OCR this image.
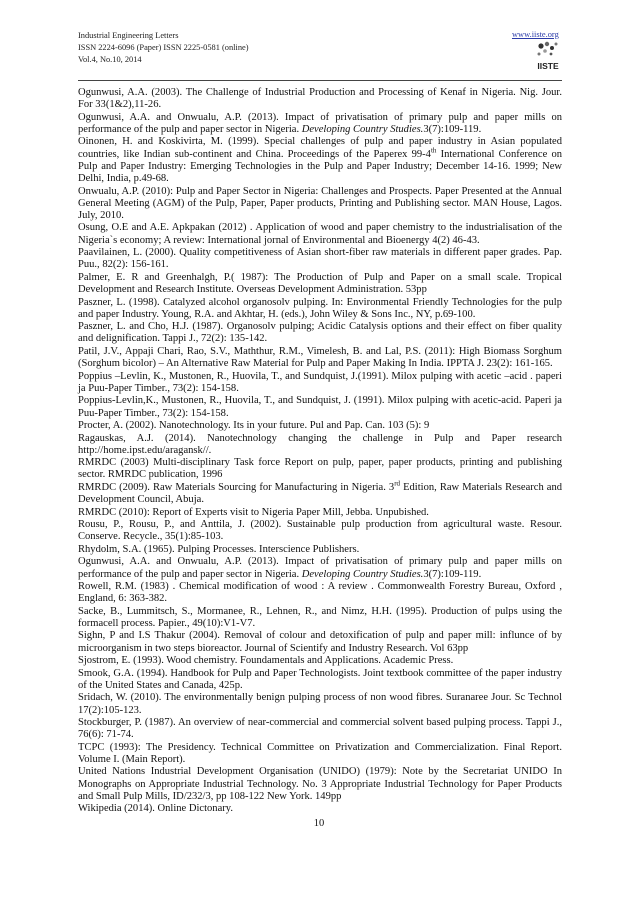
Industrial Engineering Letters
ISSN 2224-6096 (Paper) ISSN 2225-0581 (online)
Vol.4, No.10, 2014
www.iiste.org
IISTE
Ogunwusi, A.A. (2003). The Challenge of Industrial Production and Processing of Kenaf in Nigeria. Nig. Jour. For 33(1&2),11-26.
Ogunwusi, A.A. and Onwualu, A.P. (2013). Impact of privatisation of primary pulp and paper mills on performance of the pulp and paper sector in Nigeria. Developing Country Studies.3(7):109-119.
Oinonen, H. and Koskivirta, M. (1999). Special challenges of pulp and paper industry in Asian populated countries, like Indian sub-continent and China. Proceedings of the Paperex 99-4th International Conference on Pulp and Paper Industry: Emerging Technologies in the Pulp and Paper Industry; December 14-16. 1999; New Delhi, India, p.49-68.
Onwualu, A.P. (2010): Pulp and Paper Sector in Nigeria: Challenges and Prospects. Paper Presented at the Annual General Meeting (AGM) of the Pulp, Paper, Paper products, Printing and Publishing sector. MAN House, Lagos. July, 2010.
Osung, O.E and A.E. Apkpakan (2012) . Application of wood and paper chemistry to the industrialisation of the Nigeria`s economy; A review: International jornal of Environmental and Bioenergy 4(2) 46-43.
Paavilainen, L. (2000). Quality competitiveness of Asian short-fiber raw materials in different paper grades. Pap. Puu., 82(2): 156-161.
Palmer, E. R and Greenhalgh, P.( 1987): The Production of Pulp and Paper on a small scale. Tropical Development and Research Institute. Overseas Development Administration. 53pp
Paszner, L. (1998). Catalyzed alcohol organosolv pulping. In: Environmental Friendly Technologies for the pulp and paper Industry. Young, R.A. and Akhtar, H. (eds.), John Wiley & Sons Inc., NY, p.69-100.
Paszner, L. and Cho, H.J. (1987). Organosolv pulping; Acidic Catalysis options and their effect on fiber quality and delignification. Tappi J., 72(2): 135-142.
Patil, J.V., Appaji Chari, Rao, S.V., Maththur, R.M., Vimelesh, B. and Lal, P.S. (2011): High Biomass Sorghum (Sorghum bicolor) – An Alternative Raw Material for Pulp and Paper Making In India. IPPTA J. 23(2): 161-165.
Poppius –Levlin, K., Mustonen, R., Huovila, T., and Sundquist, J.(1991). Milox pulping with acetic –acid . paperi ja Puu-Paper Timber., 73(2): 154-158.
Poppius-Levlin,K., Mustonen, R., Huovila, T., and Sundquist, J. (1991). Milox pulping with acetic-acid. Paperi ja Puu-Paper Timber., 73(2): 154-158.
Procter, A. (2002). Nanotechnology. Its in your future. Pul and Pap. Can. 103 (5): 9
Ragauskas, A.J. (2014). Nanotechnology changing the challenge in Pulp and Paper research http://home.ipst.edu/aragansk//.
RMRDC (2003) Multi-disciplinary Task force Report on pulp, paper, paper products, printing and publishing sector. RMRDC publication, 1996
RMRDC (2009). Raw Materials Sourcing for Manufacturing in Nigeria. 3rd Edition, Raw Materials Research and Development Council, Abuja.
RMRDC (2010): Report of Experts visit to Nigeria Paper Mill, Jebba. Unpubished.
Rousu, P., Rousu, P., and Anttila, J. (2002). Sustainable pulp production from agricultural waste. Resour. Conserve. Recycle., 35(1):85-103.
Rhydolm, S.A. (1965). Pulping Processes. Interscience Publishers.
Ogunwusi, A.A. and Onwualu, A.P. (2013). Impact of privatisation of primary pulp and paper mills on performance of the pulp and paper sector in Nigeria. Developing Country Studies.3(7):109-119.
Rowell, R.M. (1983) . Chemical modification of wood : A review . Commonwealth Forestry Bureau, Oxford , England, 6: 363-382.
Sacke, B., Lummitsch, S., Mormanee, R., Lehnen, R., and Nimz, H.H. (1995). Production of pulps using the formacell process. Papier., 49(10):V1-V7.
Sighn, P and I.S Thakur (2004). Removal of colour and detoxification of pulp and paper mill: influnce of by microorganism in two steps bioreactor. Journal of Scientify and Industry Research. Vol 63pp
Sjostrom, E. (1993). Wood chemistry. Foundamentals and Applications. Academic Press.
Smook, G.A. (1994). Handbook for Pulp and Paper Technologists. Joint textbook committee of the paper industry of the United States and Canada, 425p.
Sridach, W. (2010). The environmentally benign pulping process of non wood fibres. Suranaree Jour. Sc Technol 17(2):105-123.
Stockburger, P. (1987). An overview of near-commercial and commercial solvent based pulping process. Tappi J., 76(6): 71-74.
TCPC (1993): The Presidency. Technical Committee on Privatization and Commercialization. Final Report. Volume I. (Main Report).
United Nations Industrial Development Organisation (UNIDO) (1979): Note by the Secretariat UNIDO In Monographs on Appropriate Industrial Technology. No. 3 Appropriate Industrial Technology for Paper Products and Small Pulp Mills, ID/232/3, pp 108-122 New York. 149pp
Wikipedia (2014). Online Dictonary.
10
